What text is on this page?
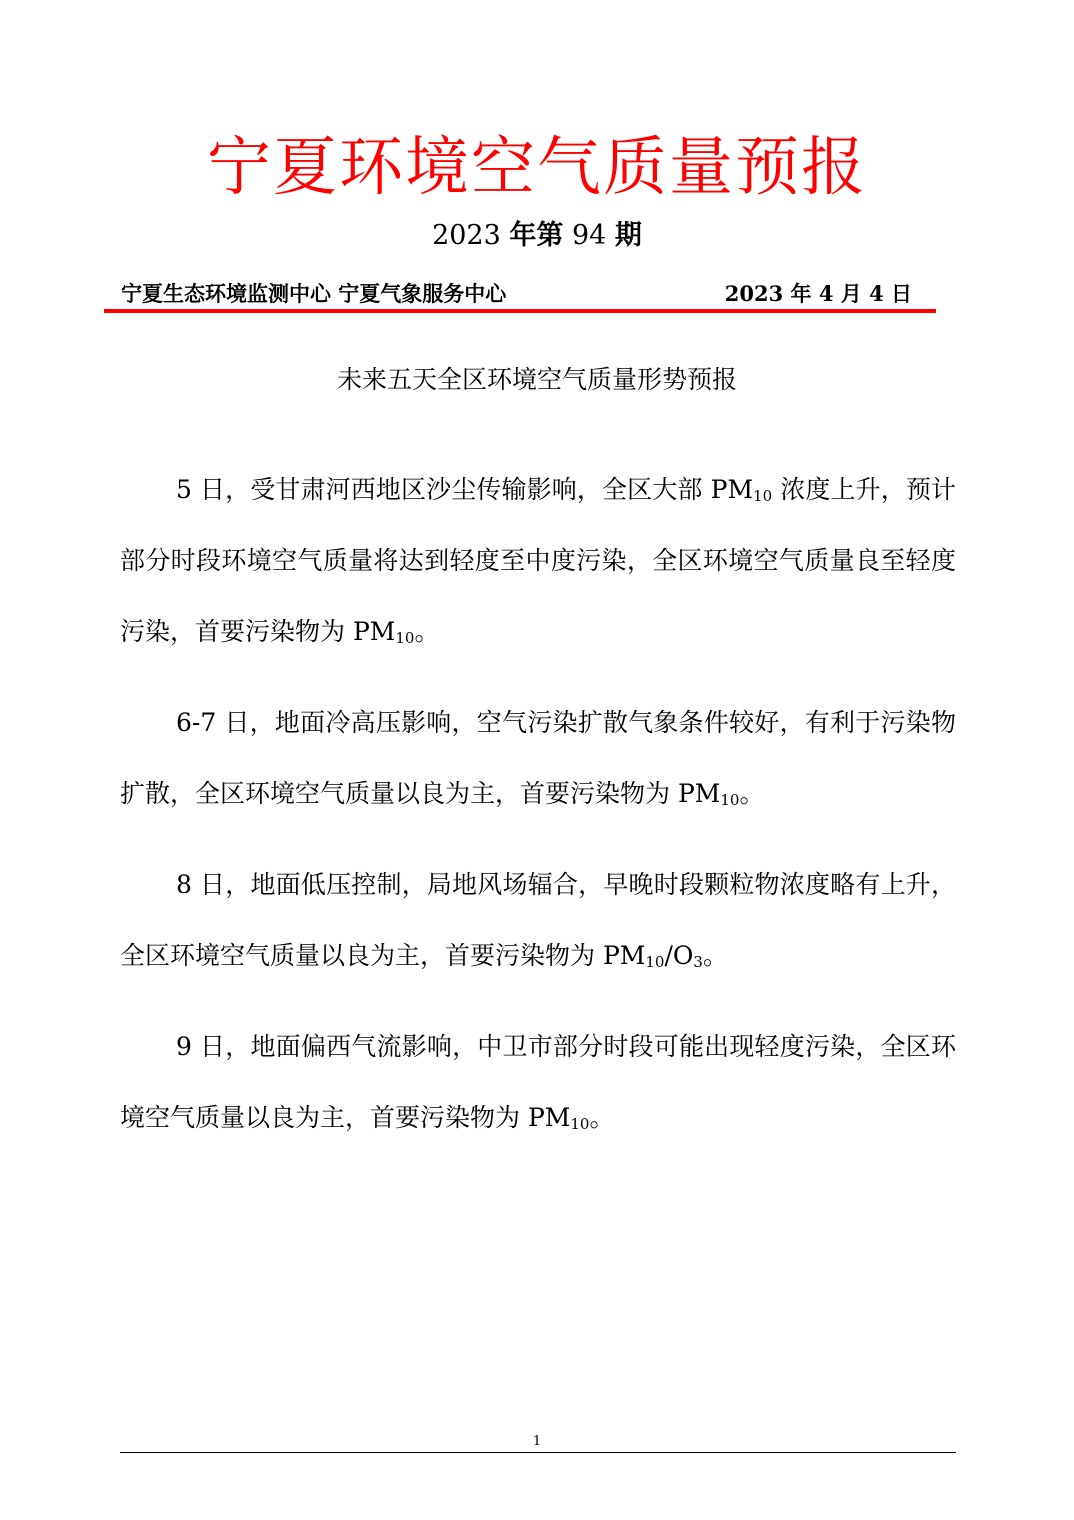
宁夏环境空气质量预报
2023 年第 94 期
宁夏生态环境监测中心 宁夏气象服务中心	2023 年 4 月 4 日
未来五天全区环境空气质量形势预报

5 日，受甘肃河西地区沙尘传输影响，全区大部 $PM_{10}$ 浓度上升，预计部分时段环境空气质量将达到轻度至中度污染，全区环境空气质量良至轻度污染，首要污染物为 $PM_{10}$。

6-7 日，地面冷高压影响，空气污染扩散气象条件较好，有利于污染物扩散，全区环境空气质量以良为主，首要污染物为 $PM_{10}$。

8 日，地面低压控制，局地风场辐合，早晚时段颗粒物浓度略有上升，全区环境空气质量以良为主，首要污染物为 $PM_{10}/O_3$。

9 日，地面偏西气流影响，中卫市部分时段可能出现轻度污染，全区环境空气质量以良为主，首要污染物为 $PM_{10}$。

1
